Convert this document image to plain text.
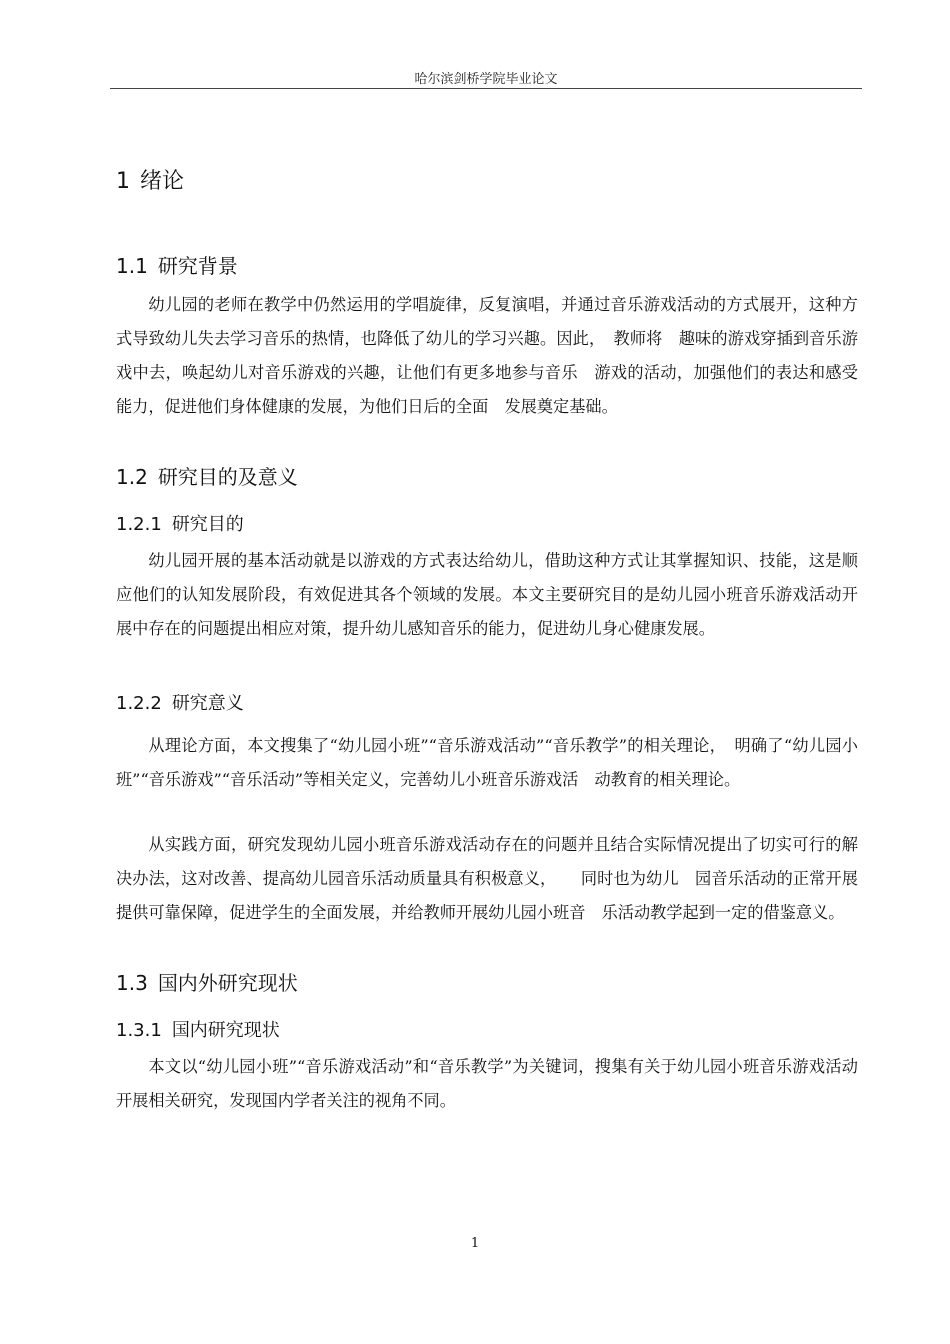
哈尔滨剑桥学院毕业论文
1 绪论
1.1 研究背景

幼儿园的老师在教学中仍然运用的学唱旋律，反复演唱，并通过音乐游戏活动的方式展开，这种方式导致幼儿失去学习音乐的热情，也降低了幼儿的学习兴趣。因此，　教师将　趣味的游戏穿插到音乐游戏中去，唤起幼儿对音乐游戏的兴趣，让他们有更多地参与音乐　游戏的活动，加强他们的表达和感受能力，促进他们身体健康的发展，为他们日后的全面　发展奠定基础。

1.2 研究目的及意义
1.2.1 研究目的

幼儿园开展的基本活动就是以游戏的方式表达给幼儿，借助这种方式让其掌握知识、技能，这是顺应他们的认知发展阶段，有效促进其各个领域的发展。本文主要研究目的是幼儿园小班音乐游戏活动开展中存在的问题提出相应对策，提升幼儿感知音乐的能力，促进幼儿身心健康发展。

1.2.2 研究意义

从理论方面，本文搜集了“幼儿园小班”“音乐游戏活动”“音乐教学”的相关理论，　明确了“幼儿园小班”“音乐游戏”“音乐活动”等相关定义，完善幼儿小班音乐游戏活　动教育的相关理论。

从实践方面，研究发现幼儿园小班音乐游戏活动存在的问题并且结合实际情况提出了切实可行的解决办法，这对改善、提高幼儿园音乐活动质量具有积极意义，　　同时也为幼儿　园音乐活动的正常开展提供可靠保障，促进学生的全面发展，并给教师开展幼儿园小班音　乐活动教学起到一定的借鉴意义。

1.3 国内外研究现状
1.3.1 国内研究现状

本文以“幼儿园小班”“音乐游戏活动”和“音乐教学”为关键词，搜集有关于幼儿园小班音乐游戏活动开展相关研究，发现国内学者关注的视角不同。

1
